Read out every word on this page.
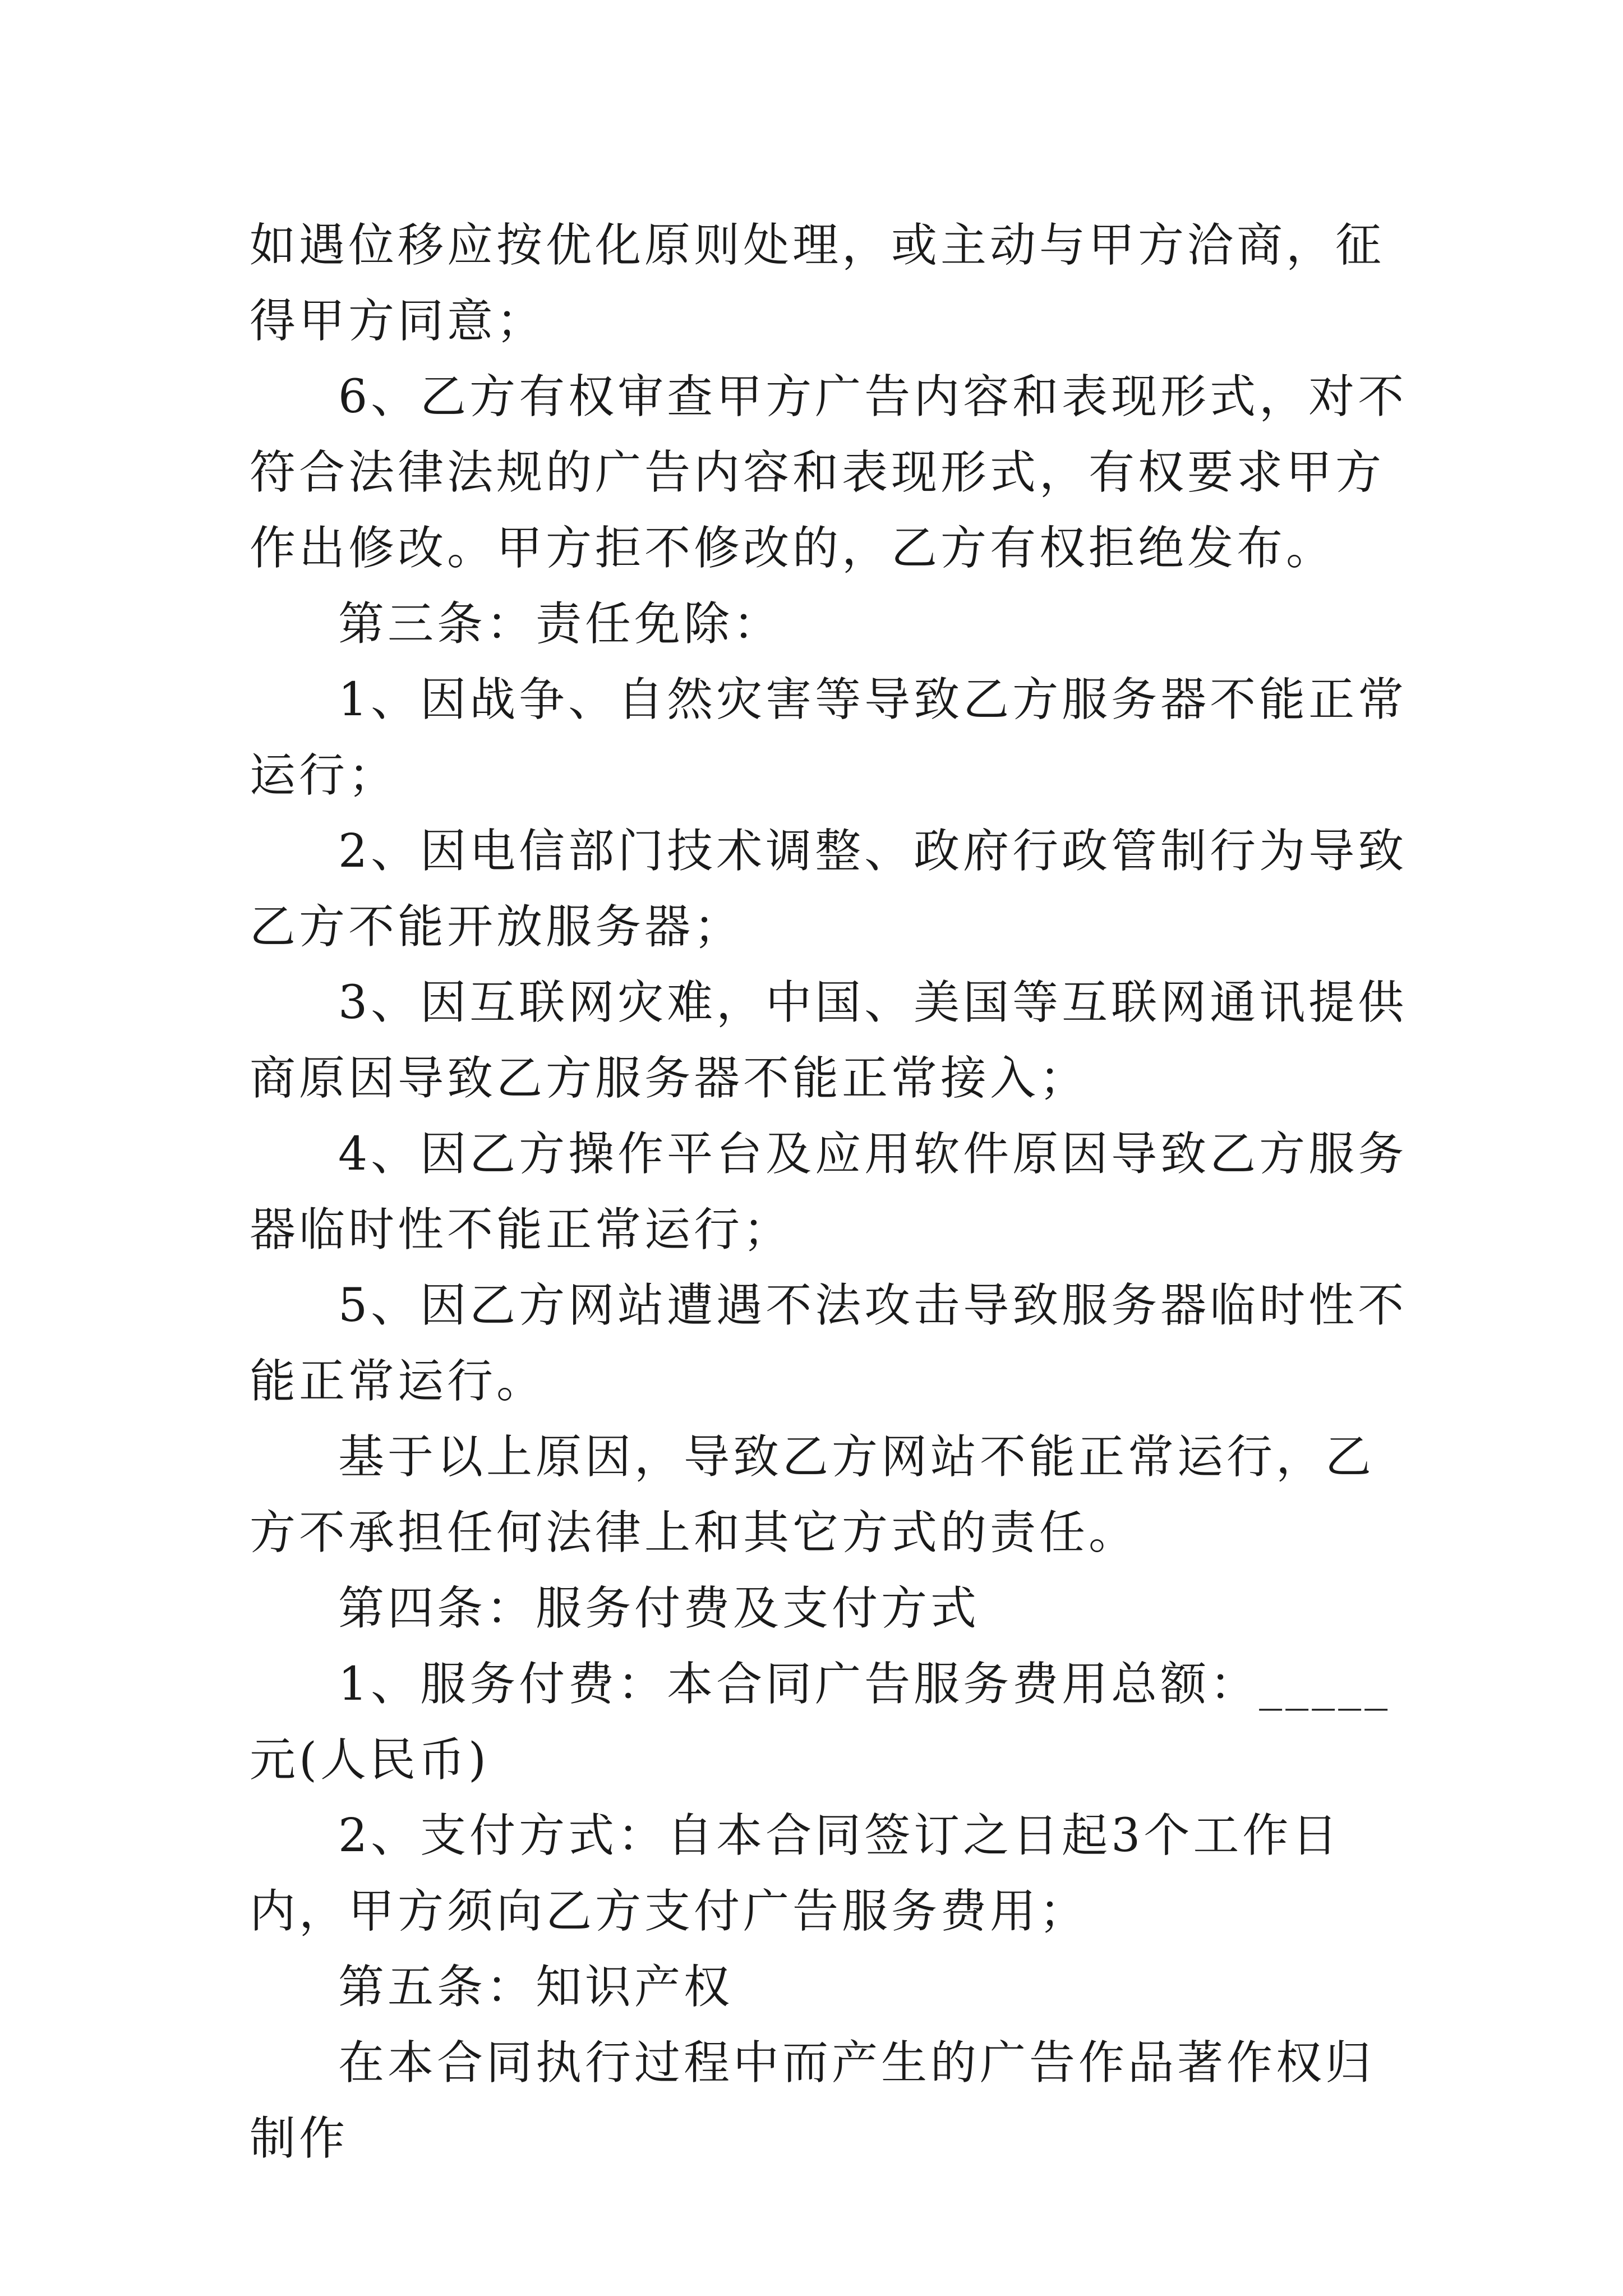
如遇位移应按优化原则处理，或主动与甲方洽商，征得甲方同意；

6、乙方有权审查甲方广告内容和表现形式，对不符合法律法规的广告内容和表现形式，有权要求甲方作出修改。甲方拒不修改的，乙方有权拒绝发布。

第三条：责任免除：

1、因战争、自然灾害等导致乙方服务器不能正常运行；

2、因电信部门技术调整、政府行政管制行为导致乙方不能开放服务器；

3、因互联网灾难，中国、美国等互联网通讯提供商原因导致乙方服务器不能正常接入；

4、因乙方操作平台及应用软件原因导致乙方服务器临时性不能正常运行；

5、因乙方网站遭遇不法攻击导致服务器临时性不能正常运行。

基于以上原因，导致乙方网站不能正常运行，乙方不承担任何法律上和其它方式的责任。

第四条：服务付费及支付方式

1、服务付费：本合同广告服务费用总额：_____元(人民币)

2、支付方式：自本合同签订之日起3个工作日内，甲方须向乙方支付广告服务费用；

第五条：知识产权

在本合同执行过程中而产生的广告作品著作权归制作
